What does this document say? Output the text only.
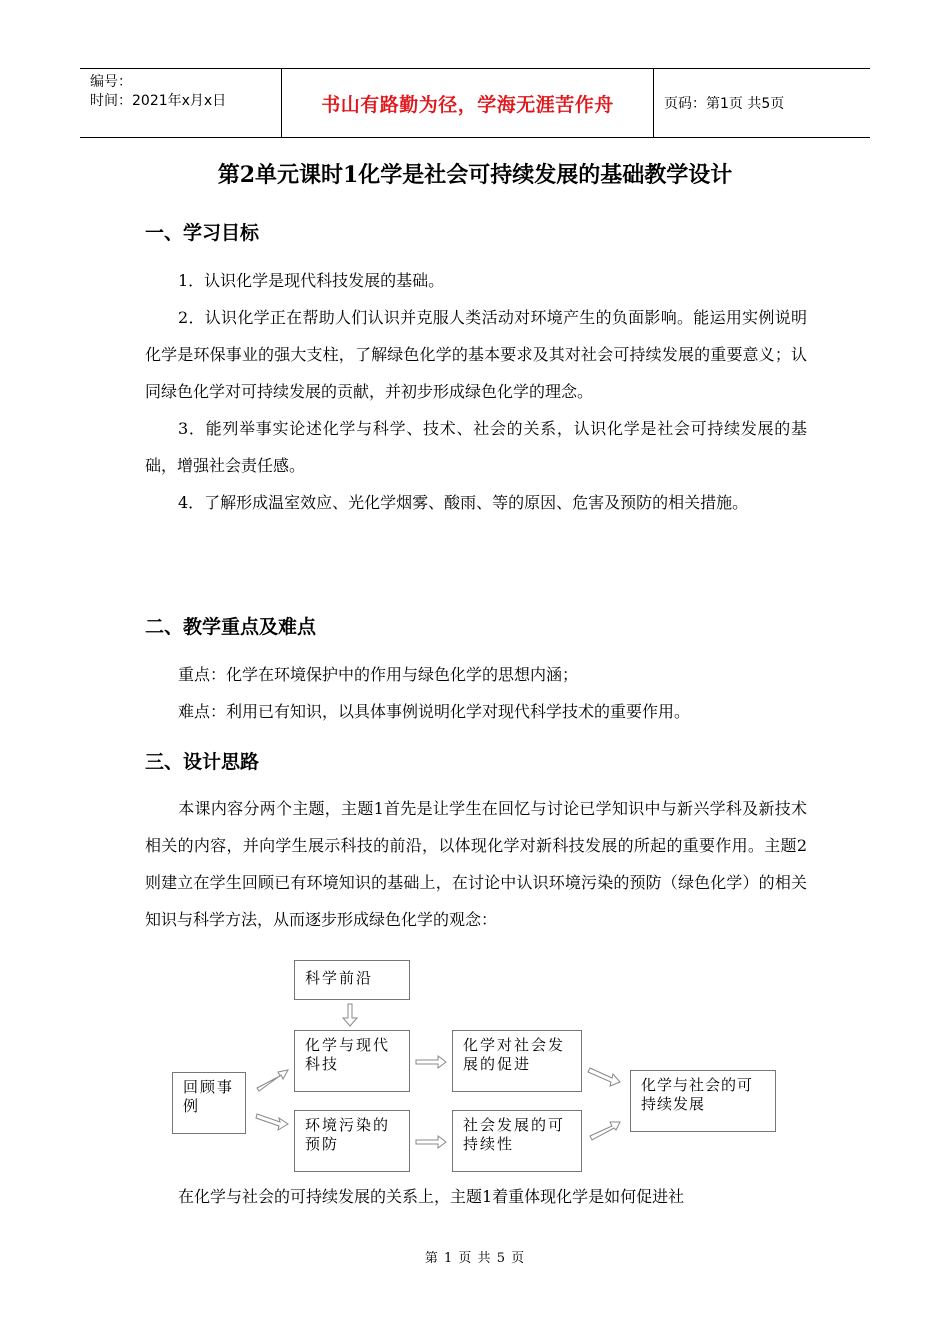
编号：
时间：2021年x月x日	书山有路勤为径，学海无涯苦作舟	页码：第1页 共5页
第2单元课时1化学是社会可持续发展的基础教学设计
一、学习目标
1．认识化学是现代科技发展的基础。
2．认识化学正在帮助人们认识并克服人类活动对环境产生的负面影响。能运用实例说明化学是环保事业的强大支柱，了解绿色化学的基本要求及其对社会可持续发展的重要意义；认同绿色化学对可持续发展的贡献，并初步形成绿色化学的理念。
3．能列举事实论述化学与科学、技术、社会的关系，认识化学是社会可持续发展的基础，增强社会责任感。
4．了解形成温室效应、光化学烟雾、酸雨、等的原因、危害及预防的相关措施。
二、教学重点及难点
重点：化学在环境保护中的作用与绿色化学的思想内涵；
难点：利用已有知识，以具体事例说明化学对现代科学技术的重要作用。
三、设计思路
本课内容分两个主题，主题1首先是让学生在回忆与讨论已学知识中与新兴学科及新技术相关的内容，并向学生展示科技的前沿，以体现化学对新科技发展的所起的重要作用。主题2则建立在学生回顾已有环境知识的基础上，在讨论中认识环境污染的预防（绿色化学）的相关知识与科学方法，从而逐步形成绿色化学的观念：
回顾事例
科学前沿
化学与现代科技
环境污染的预防
化学对社会发展的促进
社会发展的可持续性
化学与社会的可持续发展
在化学与社会的可持续发展的关系上，主题1着重体现化学是如何促进社
第 1 页 共 5 页
